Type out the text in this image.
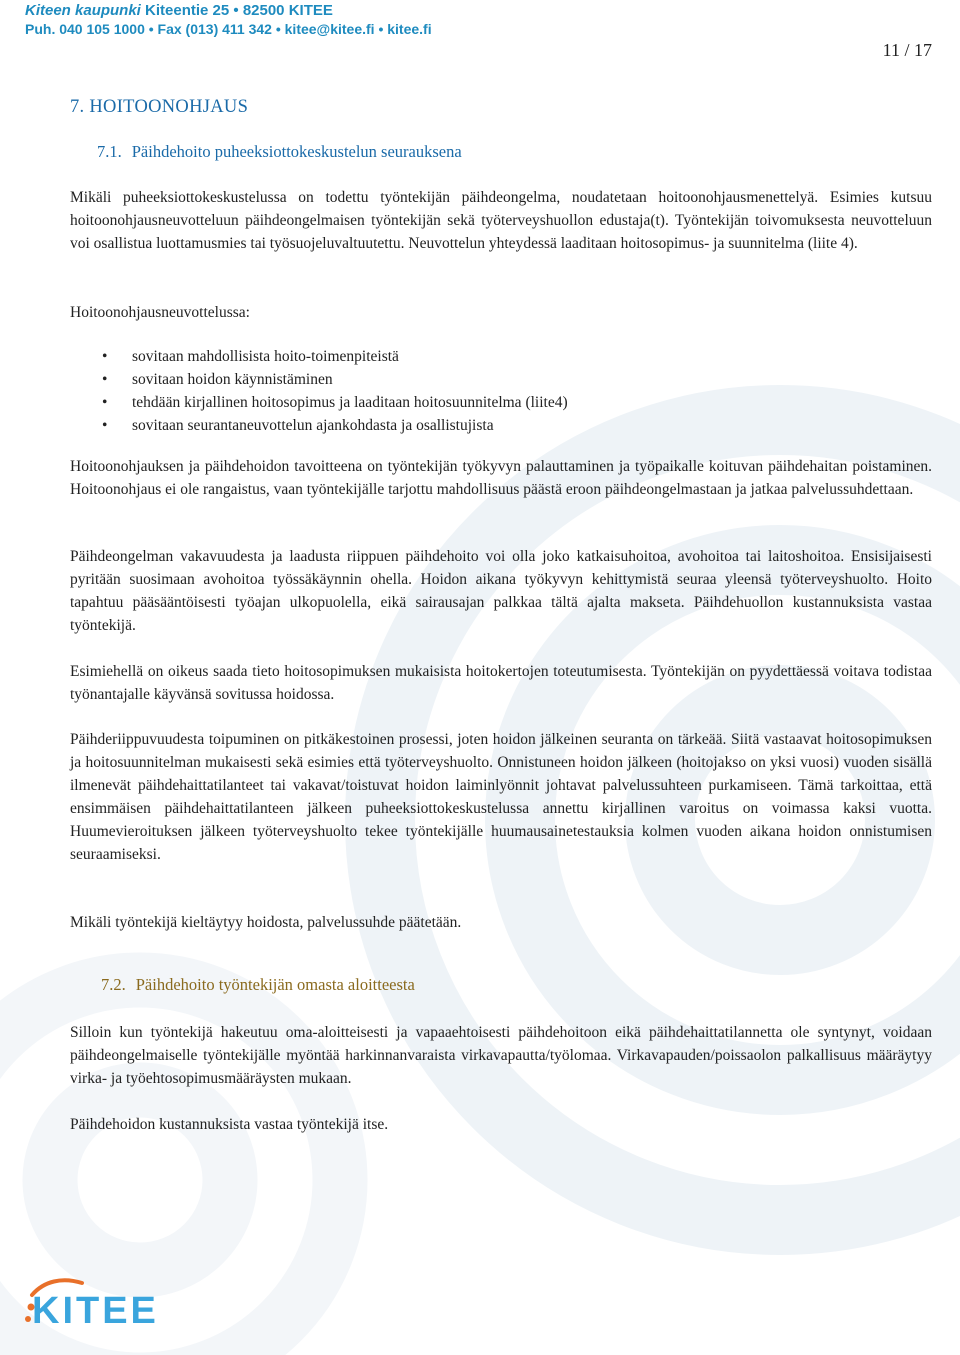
Kiteen kaupunki Kiteentie 25 • 82500 KITEE
Puh. 040 105 1000 • Fax (013) 411 342 • kitee@kitee.fi • kitee.fi
11 / 17
7. HOITOONOHJAUS
7.1. Päihdehoito puheeksiottokeskustelun seurauksena
Mikäli puheeksiottokeskustelussa on todettu työntekijän päihdeongelma, noudatetaan hoitoonohjausmenettelyä. Esimies kutsuu hoitoonohjausneuvotteluun päihdeongelmaisen työntekijän sekä työterveyshuollon edustaja(t). Työntekijän toivomuksesta neuvotteluun voi osallistua luottamusmies tai työsuojeluvaltuutettu. Neuvottelun yhteydessä laaditaan hoitosopimus- ja suunnitelma (liite 4).
Hoitoonohjausneuvottelussa:
• sovitaan mahdollisista hoito-toimenpiteistä
• sovitaan hoidon käynnistäminen
• tehdään kirjallinen hoitosopimus ja laaditaan hoitosuunnitelma (liite4)
• sovitaan seurantaneuvottelun ajankohdasta ja osallistujista
Hoitoonohjauksen ja päihdehoidon tavoitteena on työntekijän työkyvyn palauttaminen ja työpaikalle koituvan päihdehaitan poistaminen. Hoitoonohjaus ei ole rangaistus, vaan työntekijälle tarjottu mahdollisuus päästä eroon päihdeongelmastaan ja jatkaa palvelussuhdettaan.
Päihdeongelman vakavuudesta ja laadusta riippuen päihdehoito voi olla joko katkaisuhoitoa, avohoitoa tai laitoshoitoa. Ensisijaisesti pyritään suosimaan avohoitoa työssäkäynnin ohella. Hoidon aikana työkyvyn kehittymistä seuraa yleensä työterveyshuolto. Hoito tapahtuu pääsääntöisesti työajan ulkopuolella, eikä sairausajan palkkaa tältä ajalta makseta. Päihdehuollon kustannuksista vastaa työntekijä.
Esimiehellä on oikeus saada tieto hoitosopimuksen mukaisista hoitokertojen toteutumisesta. Työntekijän on pyydettäessä voitava todistaa työnantajalle käyvänsä sovitussa hoidossa.
Päihderiippuvuudesta toipuminen on pitkäkestoinen prosessi, joten hoidon jälkeinen seuranta on tärkeää. Siitä vastaavat hoitosopimuksen ja hoitosuunnitelman mukaisesti sekä esimies että työterveyshuolto. Onnistuneen hoidon jälkeen (hoitojakso on yksi vuosi) vuoden sisällä ilmenevät päihdehaittatilanteet tai vakavat/toistuvat hoidon laiminlyönnit johtavat palvelussuhteen purkamiseen. Tämä tarkoittaa, että ensimmäisen päihdehaittatilanteen jälkeen puheeksiottokeskustelussa annettu kirjallinen varoitus on voimassa kaksi vuotta. Huumevieroituksen jälkeen työterveyshuolto tekee työntekijälle huumausainetestauksia kolmen vuoden aikana hoidon onnistumisen seuraamiseksi.
Mikäli työntekijä kieltäytyy hoidosta, palvelussuhde päätetään.
7.2. Päihdehoito työntekijän omasta aloitteesta
Silloin kun työntekijä hakeutuu oma-aloitteisesti ja vapaaehtoisesti päihdehoitoon eikä päihdehaittatilannetta ole syntynyt, voidaan päihdeongelmaiselle työntekijälle myöntää harkinnanvaraista virkavapautta/työlomaa. Virkavapauden/poissaolon palkallisuus määräytyy virka- ja työehtosopimusmääräysten mukaan.
Päihdehoidon kustannuksista vastaa työntekijä itse.
KITEE
